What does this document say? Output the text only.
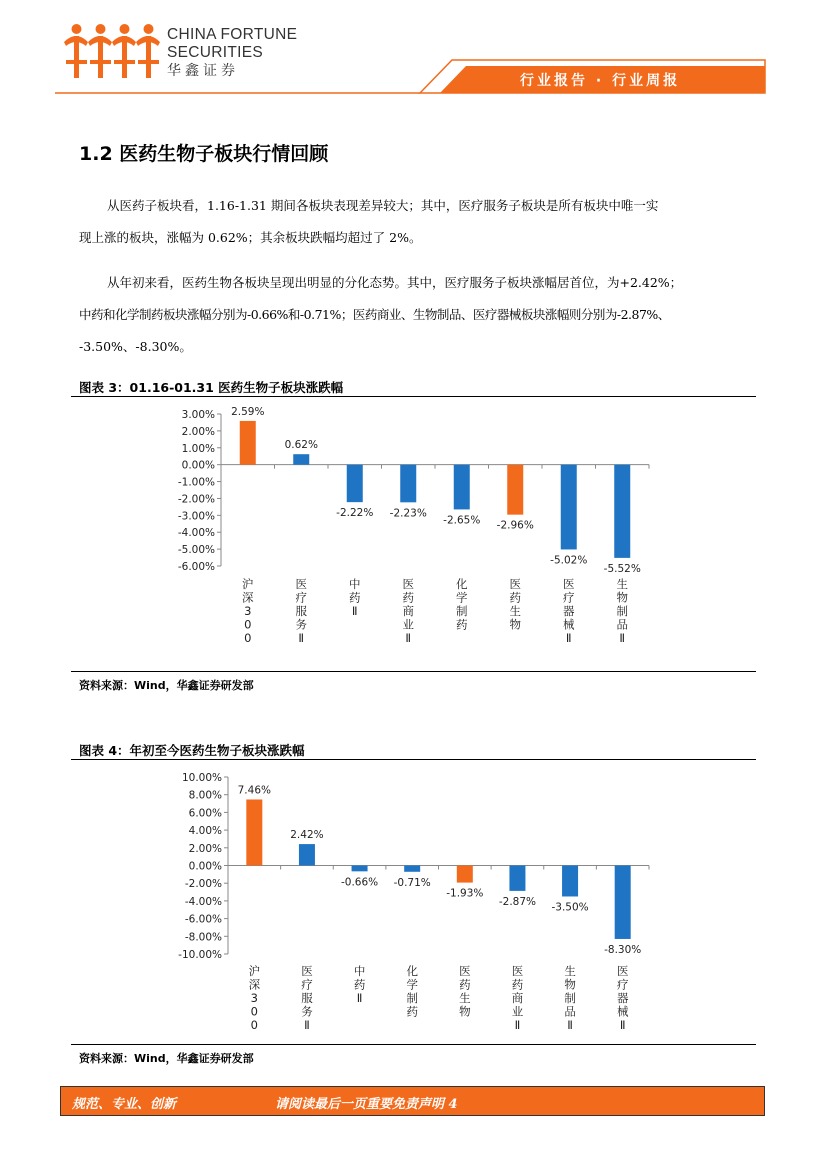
CHINA FORTUNE
SECURITIES
华鑫证券
行业报告 · 行业周报
1.2 医药生物子板块行情回顾
从医药子板块看，1.16-1.31 期间各板块表现差异较大；其中，医疗服务子板块是所有板块中唯一实
现上涨的板块，涨幅为 0.62%；其余板块跌幅均超过了 2%。
从年初来看，医药生物各板块呈现出明显的分化态势。其中，医疗服务子板块涨幅居首位，为+2.42%；
中药和化学制药板块涨幅分别为-0.66%和-0.71%；医药商业、生物制品、医疗器械板块涨幅则分别为-2.87%、
-3.50%、-8.30%。
图表 3：01.16-01.31 医药生物子板块涨跌幅
3.00%
2.00%
1.00%
0.00%
-1.00%
-2.00%
-3.00%
-4.00%
-5.00%
-6.00%
2.59%
沪深 3 0 0
0.62%
医疗服务 Ⅱ
-2.22%
中药 Ⅱ
-2.23%
医药商业 Ⅱ
-2.65%
化学制药
-2.96%
医药生物
-5.02%
医疗器械 Ⅱ
-5.52%
生物制品 Ⅱ
资料来源：Wind，华鑫证券研发部
图表 4：年初至今医药生物子板块涨跌幅
10.00%
8.00%
6.00%
4.00%
2.00%
0.00%
-2.00%
-4.00%
-6.00%
-8.00%
-10.00%
7.46%
沪深 3 0 0
2.42%
医疗服务 Ⅱ
-0.66%
中药 Ⅱ
-0.71%
化学制药
-1.93%
医药生物
-2.87%
医药商业 Ⅱ
-3.50%
生物制品 Ⅱ
-8.30%
医疗器械 Ⅱ
资料来源：Wind，华鑫证券研发部
规范、专业、创新	请阅读最后一页重要免责声明 4
